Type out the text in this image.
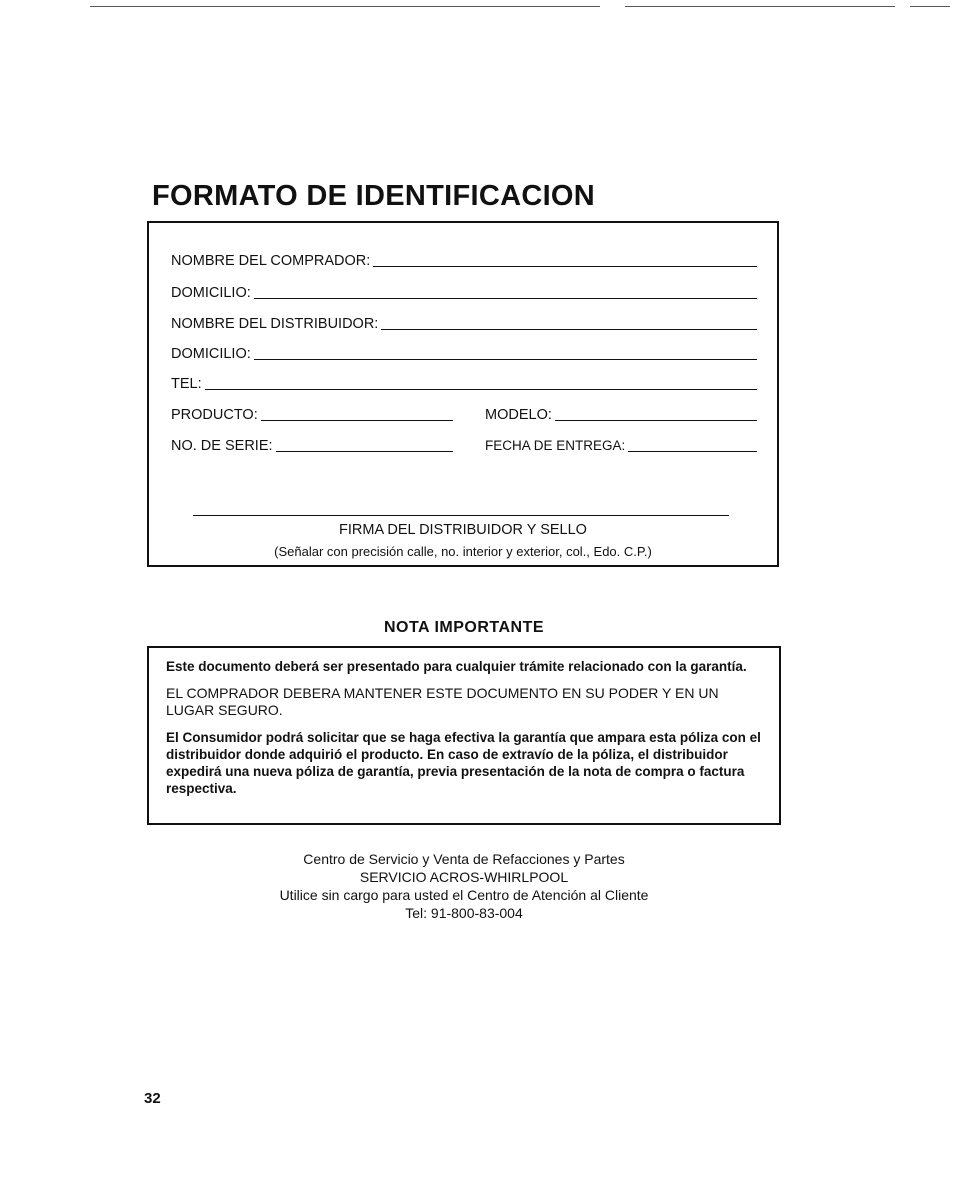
FORMATO DE IDENTIFICACION
NOMBRE DEL COMPRADOR:
DOMICILIO:
NOMBRE DEL DISTRIBUIDOR:
DOMICILIO:
TEL:
PRODUCTO:	MODELO:
NO. DE SERIE:	FECHA DE ENTREGA:
FIRMA DEL DISTRIBUIDOR Y SELLO
(Señalar con precisión calle, no. interior y exterior, col., Edo. C.P.)
NOTA IMPORTANTE

Este documento deberá ser presentado para cualquier trámite relacionado con la garantía.

EL COMPRADOR DEBERA MANTENER ESTE DOCUMENTO EN SU PODER Y EN UN LUGAR SEGURO.

El Consumidor podrá solicitar que se haga efectiva la garantía que ampara esta póliza con el distribuidor donde adquirió el producto. En caso de extravío de la póliza, el distribuidor expedirá una nueva póliza de garantía, previa presentación de la nota de compra o factura respectiva.

Centro de Servicio y Venta de Refacciones y Partes
SERVICIO ACROS-WHIRLPOOL
Utilice sin cargo para usted el Centro de Atención al Cliente
Tel: 91-800-83-004
32
